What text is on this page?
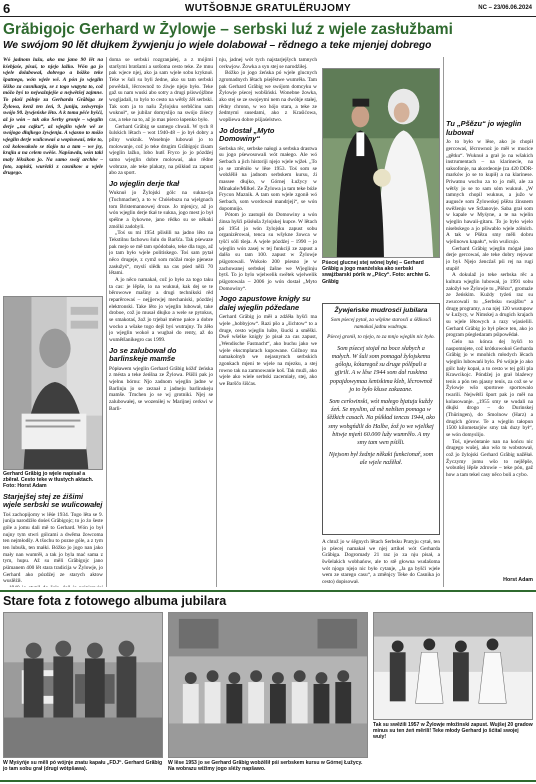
6	WUTŠOBNJE GRATULËRUJOMY	NC – 23/06.06.2024
Grăbigojc Gerhard w Žylowje – serbski luź z wjele zasłužbami
We swójom 90 lět dłujkem žywjenju jo wjele dolabował – rědnego a teke mjenjej dobrego

Wó jadnom lužu, ako ma jano 90 lět na kśebjaśe, pisaś, to njejo lažko. Wón ga jo wjele dolabował, dobrego a bóžko teke špatnego, wón wjele wě. A pón jo wjeglin šěžko za casnikarja, se z togo wupyta to, což móžo byś to nejwažnjejše a nejwětšej zajmne. To plaśi pólnje za Gerharda Grăbiga ze Žylowa, kenž ten źeń, 9. junija, zeźwyrnjo swójo 90. žywjeńske lěto. A k toma pěće byšći, až jo wón – tak ako Serby gronje – wjeglin derje „na cajku“, až wjeglin wjele wě ze swójogo dłujkego žywjenja. A wjasno to móžo wjeglin derje wulicowaś a wopisowaś, teke to, což kolowakolo se tšojio tu a tam – we jsy, krajiu a na celem swěśe. Napšawdu, wón taki maly lěksikon jo. Na samo swój archiw – foto, zapiski, wurězki z casnikow a wjele drugego.

Gerhard Grăbig jo wjele napisał a zběrał. Cesto teke w tłustych aktach. Foto: Horst Adam
Starjejšej stej ze źišimi wjele serbski se wulicowałej

Toś zachopijomy w lěśe 1934. Togo lěta se 9. junija narodźiło dośeś Grăbigojc; to jo źo šeste góle a jomu dali mě to Gerhard. Wón jo był nujny tym stwri gólcami a dwěma žowcoma ten nejmłodšy. A tšochu to pozne góle, a z tym ten lubušk, ten małki. Bóžko jo jogo nan jako mały nan wumrěł, a tak jo byla mać sama z tym, hupu. Až su měli Grăbigojc jano pśimanem 400 lět stara tradicija w Žylowje, jo Gerhard ako pózdźej ze starych aktow wuslěźił.

doma se serbski rozgranjałej, a z mójimi staršymi bratšami a sotšoma cesto teke. Ze mnu pak wjece njej, ako ja sam wjele sobu kryknuł. Teke w šuli su byli źedne, ako su tam serbski powědali, lěcrownož to źiwje njejo było. Teke gaž su nam wuski abo sotry a drugi pśiswójźbne wogljadali, to bylo to cesto na wětšy źěl serbski. Tak som ja to našu Žylojsku serbšćinu sam wuknuł“, se jubilar domyslijo na swójo źiśecy cas, a teke na to, až jo mas pśeco łapenko było.

Gerhard Grăbig se samego chwali. W tych 8 šulskich lětach – wot 1940-48 – jo był dobry a pilny wuknik. Wosebnje lubował jo to molowanje, což jo teke drugim Grăbigojc źisam wjeglin lažko, lobo hutš Fryco jo jo pózdźej samo wjeglin dobre molowaś, ako rědne wobraze, ale teke plakaty, na pśikład za zapust abo za sport.

Jo wjeglin derje tkał

Wuknuł jo Žylojski gólc na sukna-rja (Tuchmacher), a to w Chóśebuzu na wjelgnach tom Bristemannowej droze. Jo mjenjcy, až jo wón wjeglin derje tkał te sukna, jogo mest jo był spéšne a šykowne, jano rědko su se někaki zmólki zadobyli.

„Toś su mi 1954 pšisłili na jadno lěto na Tekstilnu fachowu šulu do Baršća. Tak pśewaze pak mejo se mě tam spódobało, teke dla togo, až jo tam było wjele politiskego. Toś sam pytał něco drugeje, z cymž som móžał moje pjeneze zasłužyś“, myslí slědk na cas pśed něži 70 lětami.

A jo něco namakał, což jo było za togo taku ta cas: je lěpše, lo na wuknuł, kak dej se te běrowowe mašiny a drugi technikski rěd reparěrowaś – nejjjerwjej mechaniski, pózdźej elektronski. Take lěto jo wjeglin lubował, take droboe, což jo musał dłujko a wele se pytokus, se smakotaś, žož jo trjebał mérne pałce a dobre wocko a wšake togo dejš byś wutrajny. To źěło jo wjeglin wokoł a wugbał do renty, až do wumětšanikegro cas 1999.

Jo se zalubował do barlinskeje mamše

Pópławem wjeglin Gerhard Grăbig kóžď źeńska z mésta a teke źeńšna ze Žylowa. Pšišli pak jo wjelnu bórnu: Njo zadnom wjeglin jadne w Barlinju jo se zeznał z jadneju barlinskeju mamše. Tmchen jo se wj grotniki. Njej se zalubowałej, se wozeniłej w Marijnej cerkwi w Barli-

nju, jadnej wót tych najstarjejšych tamnych cerkwjow. Žowka a syn stej se narodźiłej.

Bóžko jo jogo źeńska pó wjele glucnych zgromadnych lětach pśejěstwe wumrěła. Tam pak Gerhard Grăbig we swójom domcyku w Žylowje pśecej wobšiński. Wonebne žowka, ako stej se ze swojeymi nem na dwóbje stałej, rědny chronn, w wo hójo stara, a teke ze źedmymi susedami, ako z Kraśićowa, wopšiewa dobre pśijaśelstwo.

Jo dostał „Myto Domowiny“

Serbska rěc, serbske nałogi a serbska drastwa su jogo pśewosowali wót małego. Ale wó Serbach a jich historiji njejo wjele wjžeł. „To jo se změniło w lěse 1953. Toś som se wobźělił na jadnom serbskem kursu, źi massee dłujko, w Górnej Łužycy w Minakale/Milkel. Ze Žylowa ja tam teke bóźe Frycon Maznik. A tam som wjele zgonił wó Serbach, som wordował mandrjeji“, se wón dopomnijo.

Pótom jo zastupił do Domowiny a wón źinsa hyšći pśisłuša žylojskej kupce. W lětach pó 1954 jo wón žylojsku zapust sobu organizěrował, tenca su wšykne žowca w tyšći sóli tšeja. A wjele pózdźej – 1990 – jo wjeglin wón zasej w tej funkciji ze zapust a dalšo su tam 100. zapust w Žylowje pśigotowali. Wokoło 200 pśesno je w zachowanej serbskej žašne we Wjeglinju bytš. To jo bylo wjelwelik swětek wjelwelik pśigotowala – 2006 jo wón dostał „Myto Domowiny“.

Jogo zapustowe knigły su dalej wjeglin póžedane

Gerhard Grăbig jo měł a zdźěła hyšći ma wjele „hobbyjow“. Razi pšo a „šichtow“ to a druge, cesto wjeglin lušte, šiucki a směški. Dwě wšelke knigły jo pisał za cas zapust, „Wendische Fastnacht“, ako buchu jako we wjele ekscmplarach kupowane. Góžnoy ma namakolnyb we nejasnymch serbskich zgonkach mjeni te wjele na mjezku, a stej rowno tak na zamnowanie koš. Tak muži, ako wjele ako wiele serbski zacemiały, stej, ako we Barščo šišćas.

Pśecej glucnej stej wónej byłej – Gerhard Grăbig a jogo manźelska ako serbski swajźbarski pórik w „Pšcy“. Foto: archiw G. Grăbig
Žywjeńske mudrosći jubilara

Som pśecej pytał, za wšykne starosći a śěžkosći namakaś jadnu wudrogu.

Pśecej gronił, to njejo, to za mnjo wjeglin nic było.

Som pśecej stojał na boce słabych a małych. W šuli som pomagał žylojskemu góloju, kótaregož su druge pólěpali a gjirili. A w lěse 1944 som dał ruskima popajdowymaa šeniskima kleb, lěcrownož jo to było kšuse zakazane.

Som cerkwinski, wót małego bjatuju kuždy źeń. Se myslim, až mě nebšten pomaga w šěžkich casach. Na pśikład tencas 1944, ako smy wobgńdili do Halbe, źož jo we wjelikej bitwje mjeńi 60.000 lužy wumrěło. A my smy tam wen pśišli.

Njejsom był žednje někaki funkcionař, som ale wjele nažěłał.

A chtož jo w śěgnych lětach Serbsku Pratyju cytał, ten jo pśecej namakał we njej artikel wót Gerharda Grăbiga. Dogromady 21 raz jo za nju pisał, a šwšelakich wobhańow, ale to stě głowna wudašoma wót njogo njejo nic było cytanje, „Ja ga byšći wjele wem ze starego casu“, a změnjcy Teke do Casnika jo cesto) dopisował.

Tu „Pšězu“ jo wjeglin lubował

Jo to było w lěse, ako jo chopił gercowaś, lěcrownoż jo měł w mucice „gětku“. Wuknuł a grał jo na wšakich instrumentach – na klarinecie, na saksofonje, na akordeonje (za 420 DDR-marków jo se to kupił) a na klarinese. Priwatnu wuchu za to jo měl, ale za wětšy jo se to sam sóm wuknuł. „W tamnych chopil wuknus, a južo w augusće som Žylowskej pšězu źinsnem swěženju we Sržanovje. Saba grał som w kapale w Myśyne, a te na wjelin wjeglin hawaii-gitaru. To jo było wjelo nisebskego a jo pšiwablo wjele zółnich. A tak w Pšězu smy měli dobru wjelinowu kapału“, wón wulicujo.

Gerhard Grăbig wjeglin mógał jano derje gercowaś, ale teke dobry rejowar jo był. Njejo źencźaš pśi rej na rugi stupił!

A dokulaž jo teke serbska rěc a kultura wjeglin lubował, jo 1991 sobu załožył we Žylowje tu „Pšězu“, gromaźe ze žeńskim. Kużdy tyźeń raz su zwucowali tu „Serbsku swajźbu“ a drugę programy, a na njej 120 wustupow w Łužycy, w Nimskej a drugich krajach su wjele lětowych a razy wjasielili. Gerhard Grăbig jo był pšece ten, ako jo program pśegledaram pśipowědał.

Gelo na kónca dej hyšći to naspomnjete, což krótkowokoł Gerharda Grăbig jo w mnohich młodych lěcach wjeglin lubowańi bylo. Pó wójnje jo ako gólc bały kopał, a to cesto w tej góli pla Krawcikojc. Póndźej jo grał blaźewy tenis a pón ten pjasny tenis, za což se w Žylowje wšo sportowe sportowalo twarili. Nejwětši šport pak jo měł na kolasowanje. „1955 smy se wudali na dłujki drogo – do Durinskej (Thüringen), do Smolnow (Harz) a drugich górow. Te a wjeglin tałopun 1500 kilometarjów smy tak duzy był“, se wón domyslijo.

Toś, njewóntanie nan na końcu nic drugego wušej, ako wšo to wobstował, což jo žylojski Gerhard Grăbig nažěłał. Žyczymy jomu wšo to nejlěpše, wobutšej lěpše zdrowie – teke pón, gaž how a tam tekel casy něco boli a cybo.

Horst Adam
Stare fota z fotowego albuma jubilara
W Myśyńje su měli pó wójnje znatu kapału „FDJ“. Gerhard Grăbig jo tam sobu grał (drugi wótpšawa).
W lěse 1953 jo se Gerhard Grăbig wobźělił pśi serbskem kursu w Górnej Łužycy. Na wobrazu wižimy jogo sléžy napšawo.
Tak su swěźili 1957 w Žylowje młožinski zapust. Wujšej 20 gradow minus su ten źeń měrili! Teke młody Gerhard jo šćital swojej wuiy!
